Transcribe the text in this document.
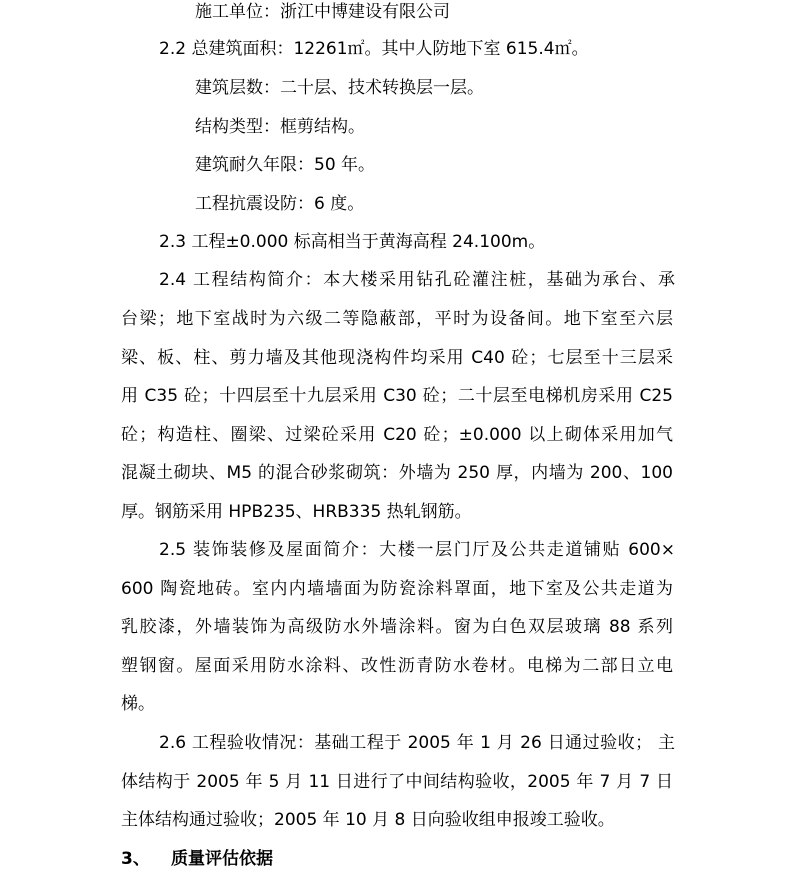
施工单位：浙江中博建设有限公司

2.2 总建筑面积：12261㎡。其中人防地下室 615.4㎡。

建筑层数：二十层、技术转换层一层。

结构类型：框剪结构。

建筑耐久年限：50 年。

工程抗震设防：6 度。

2.3 工程±0.000 标高相当于黄海高程 24.100m。

2.4 工程结构简介：本大楼采用钻孔砼灌注桩，基础为承台、承

台梁；地下室战时为六级二等隐蔽部，平时为设备间。地下室至六层

梁、板、柱、剪力墙及其他现浇构件均采用 C40 砼；七层至十三层采

用 C35 砼；十四层至十九层采用 C30 砼；二十层至电梯机房采用 C25

砼；构造柱、圈梁、过梁砼采用 C20 砼；±0.000 以上砌体采用加气

混凝土砌块、M5 的混合砂浆砌筑：外墙为 250 厚，内墙为 200、100

厚。钢筋采用 HPB235、HRB335 热轧钢筋。

2.5 装饰装修及屋面简介：大楼一层门厅及公共走道铺贴 600×

600 陶瓷地砖。室内内墙墙面为防瓷涂料罩面，地下室及公共走道为

乳胶漆，外墙装饰为高级防水外墙涂料。窗为白色双层玻璃 88 系列

塑钢窗。屋面采用防水涂料、改性沥青防水卷材。电梯为二部日立电

梯。

2.6 工程验收情况：基础工程于 2005 年 1 月 26 日通过验收； 主

体结构于 2005 年 5 月 11 日进行了中间结构验收，2005 年 7 月 7 日

主体结构通过验收；2005 年 10 月 8 日向验收组申报竣工验收。

3、 质量评估依据
